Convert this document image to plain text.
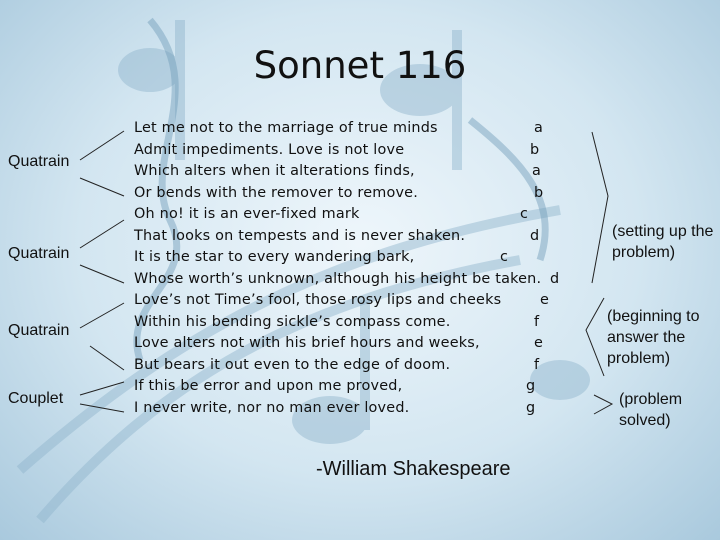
Sonnet 116
Quatrain
Quatrain
Quatrain
Couplet
Let me not to the marriage of true minds
Admit impediments. Love is not love
Which alters when it alterations finds,
Or bends with the remover to remove.
Oh no! it is an ever-fixed mark
That looks on tempests and is never shaken.
It is the star to every wandering bark,
Whose worth’s unknown, although his height be taken.
Love’s not Time’s fool, those rosy lips and cheeks
Within his bending sickle’s compass come.
Love alters not with his brief hours and weeks,
But bears it out even to the edge of doom.
If this be error and upon me proved,
I never write, nor no man ever loved.
a
b
a
b
c
d
c
d
e
f
e
f
g
g
(setting up the problem)
(beginning to answer the problem)
(problem solved)
-William Shakespeare
